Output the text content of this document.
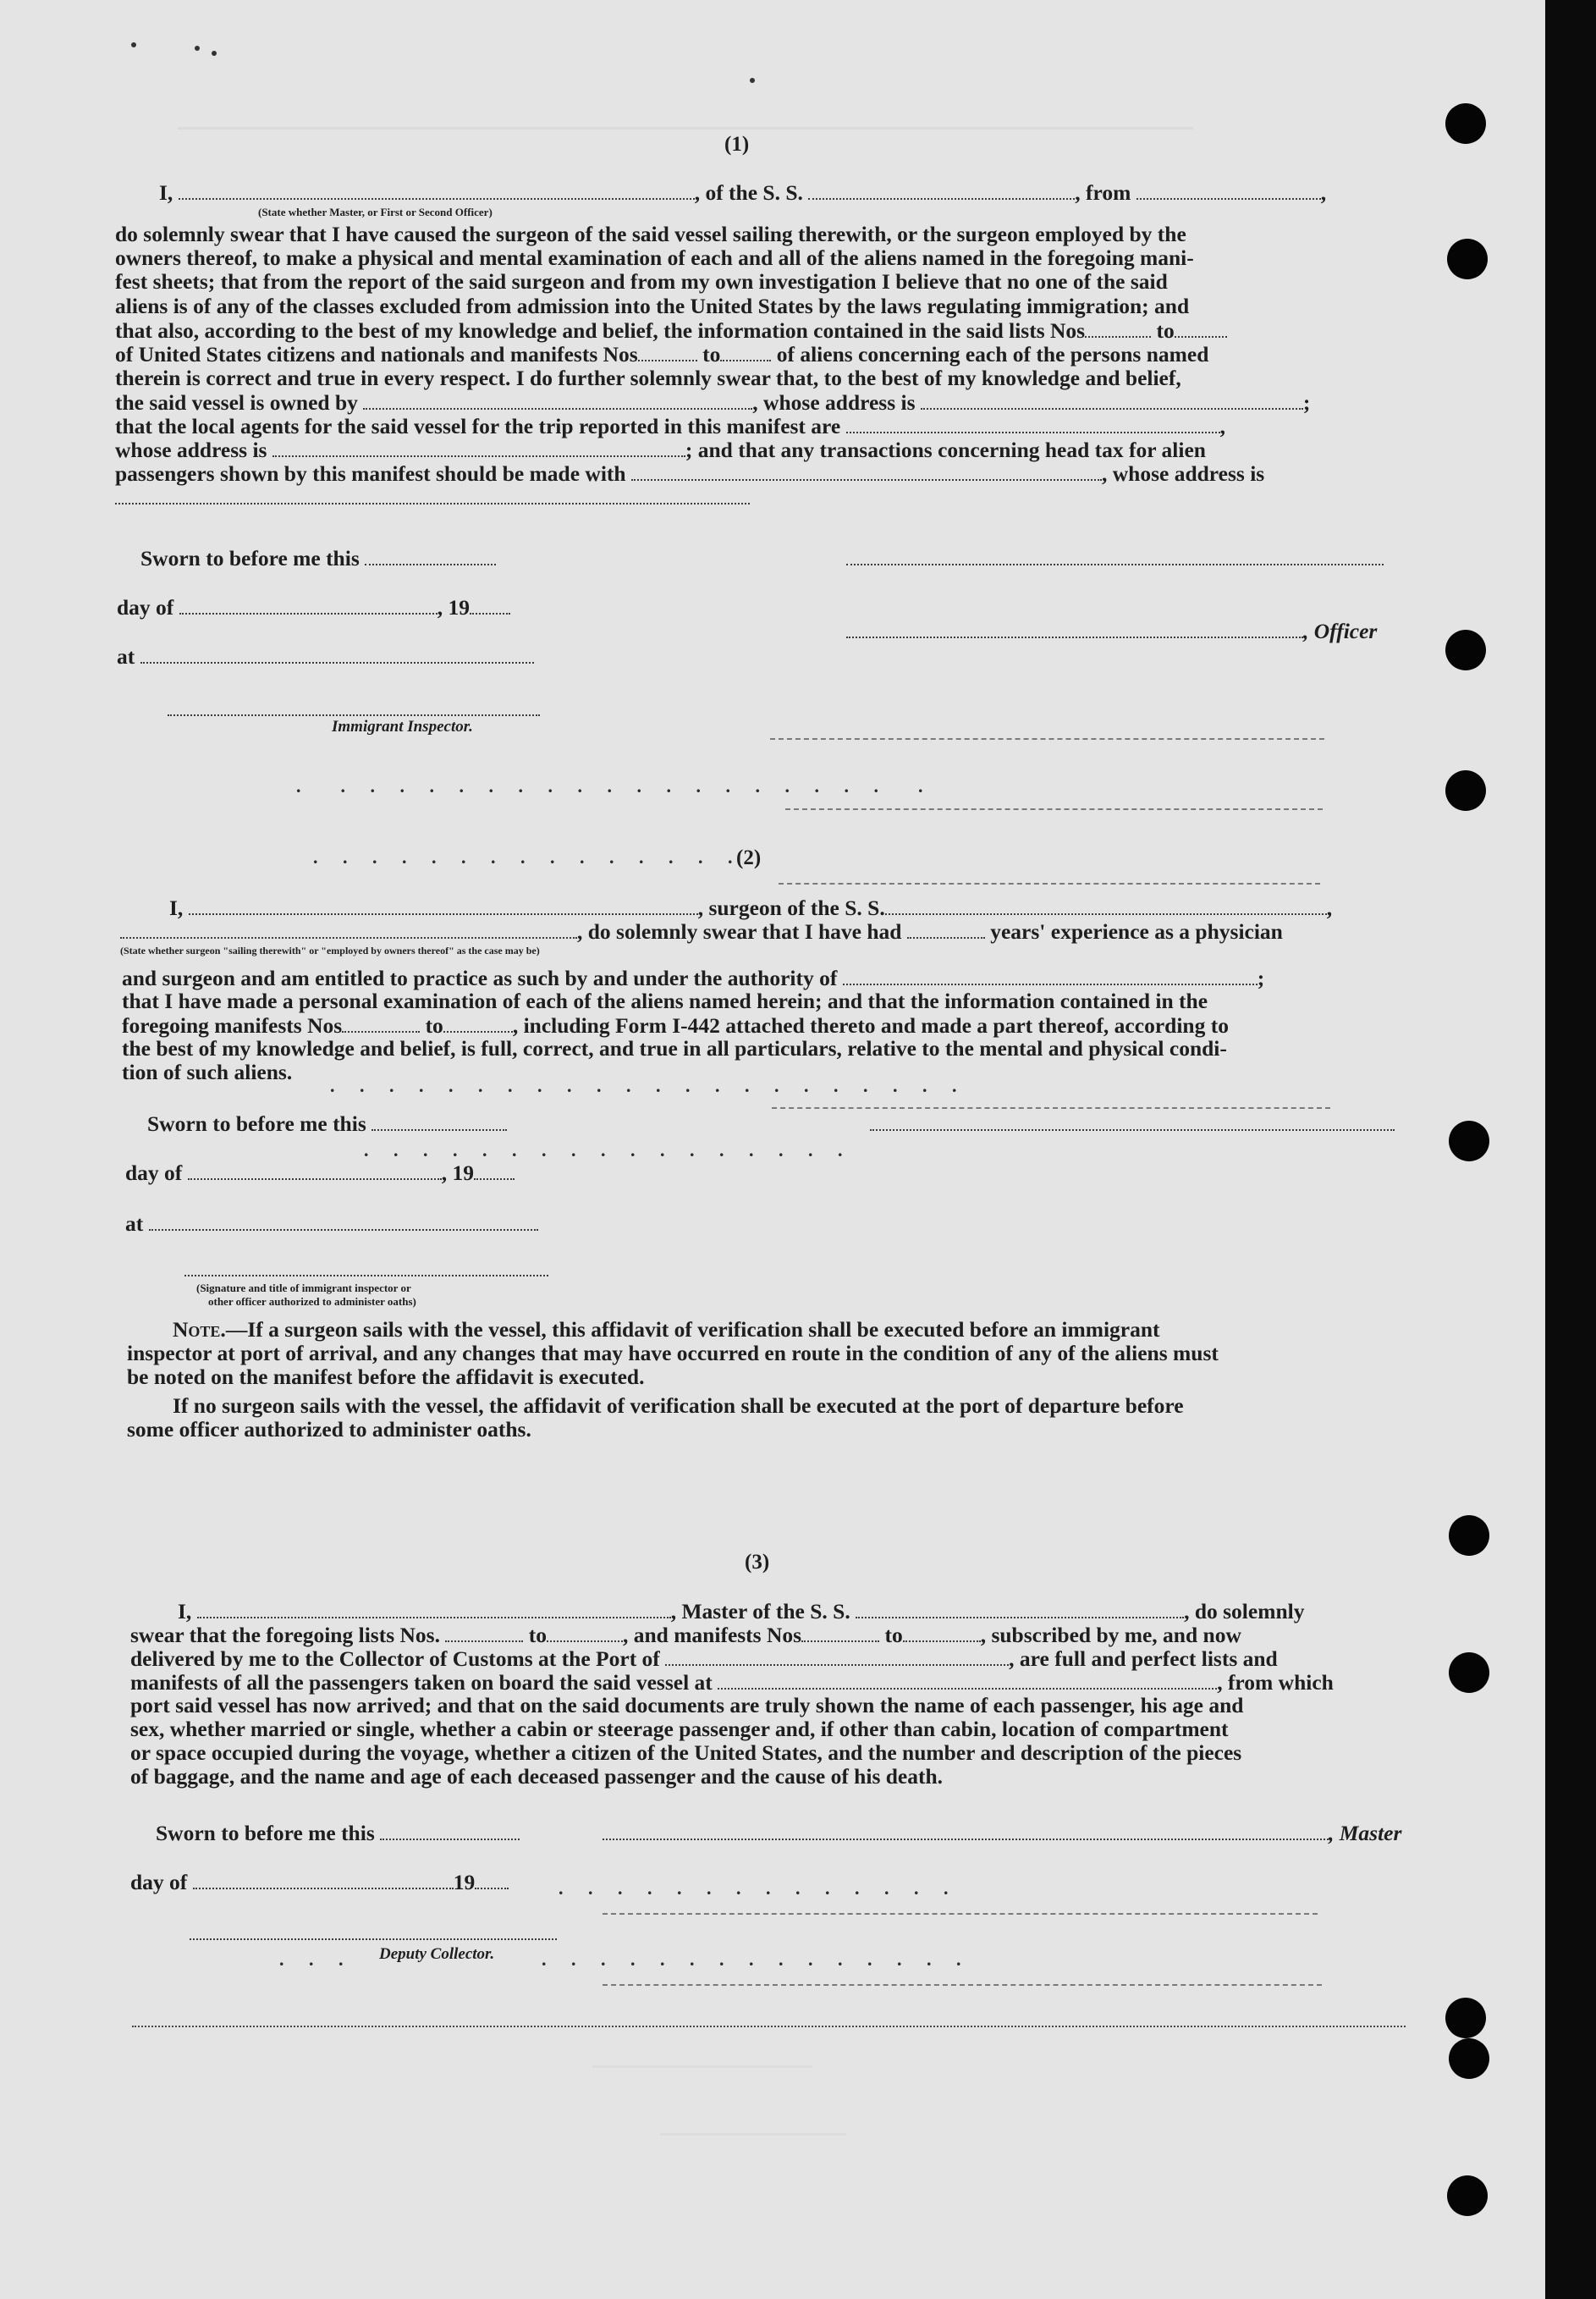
(1)
I,	, of the S. S.	, from	,
(State whether Master, or First or Second Officer)
do solemnly swear that I have caused the surgeon of the said vessel sailing therewith, or the surgeon employed by the
owners thereof, to make a physical and mental examination of each and all of the aliens named in the foregoing mani-
fest sheets; that from the report of the said surgeon and from my own investigation I believe that no one of the said
aliens is of any of the classes excluded from admission into the United States by the laws regulating immigration; and
that also, according to the best of my knowledge and belief, the information contained in the said lists Nos	to
of United States citizens and nationals and manifests Nos	to	of aliens concerning each of the persons named
therein is correct and true in every respect. I do further solemnly swear that, to the best of my knowledge and belief,
the said vessel is owned by	, whose address is	;
that the local agents for the said vessel for the trip reported in this manifest are	,
whose address is	; and that any transactions concerning head tax for alien
passengers shown by this manifest should be made with	, whose address is
Sworn to before me this
day of	, 19
, Officer
at
Immigrant Inspector.
.  . . . . . . . . . . . . . . . . . . .  .
. . . . . . . . . . . . . . .
(2)
I,	, surgeon of the S. S.	,
, do solemnly swear that I have had	years' experience as a physician
(State whether surgeon "sailing therewith" or "employed by owners thereof" as the case may be)
and surgeon and am entitled to practice as such by and under the authority of	;
that I have made a personal examination of each of the aliens named herein; and that the information contained in the
foregoing manifests Nos	to	, including Form I-442 attached thereto and made a part thereof, according to
the best of my knowledge and belief, is full, correct, and true in all particulars, relative to the mental and physical condi-
tion of such aliens.
. . . . . . . . . . . . . . . . . . . . . .
Sworn to before me this
. . . . . . . . . . . . . . . . .
day of	, 19
at
(Signature and title of immigrant inspector or
other officer authorized to administer oaths)
Note.—If a surgeon sails with the vessel, this affidavit of verification shall be executed before an immigrant
inspector at port of arrival, and any changes that may have occurred en route in the condition of any of the aliens must
be noted on the manifest before the affidavit is executed.
If no surgeon sails with the vessel, the affidavit of verification shall be executed at the port of departure before
some officer authorized to administer oaths.
(3)
I,	, Master of the S. S.	, do solemnly
swear that the foregoing lists Nos.	to	, and manifests Nos	to	, subscribed by me, and now
delivered by me to the Collector of Customs at the Port of	, are full and perfect lists and
manifests of all the passengers taken on board the said vessel at	, from which
port said vessel has now arrived; and that on the said documents are truly shown the name of each passenger, his age and
sex, whether married or single, whether a cabin or steerage passenger and, if other than cabin, location of compartment
or space occupied during the voyage, whether a citizen of the United States, and the number and description of the pieces
of baggage, and the name and age of each deceased passenger and the cause of his death.
Sworn to before me this	, Master
day of	19	. . . . . . . . . . . . . .
Deputy Collector.
. . .	. . . . . . . . . . . . . . .
